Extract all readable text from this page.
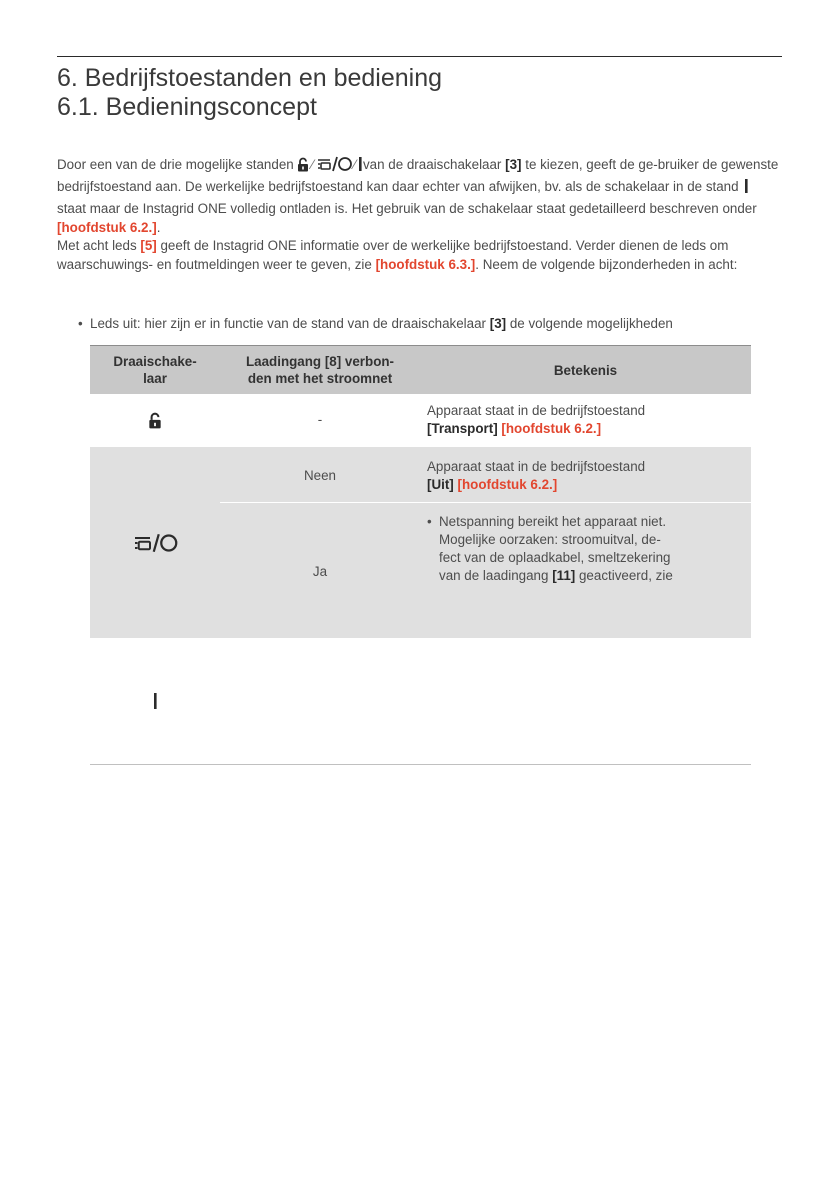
6. Bedrijfstoestanden en bediening
6.1. Bedieningsconcept

Door een van de drie mogelijke standen ⁄	⁄ van de draaischakelaar [3] te kiezen, geeft de ge-bruiker de gewenste bedrijfstoestand aan. De werkelijke bedrijfstoestand kan daar echter van afwijken, bv. als de schakelaar in de stand  staat maar de Instagrid ONE volledig ontladen is. Het gebruik van de schakelaar staat gedetailleerd beschreven onder [hoofdstuk 6.2.].

Met acht leds [5] geeft de Instagrid ONE informatie over de werkelijke bedrijfstoestand. Verder dienen de leds om waarschuwings- en foutmeldingen weer te geven, zie [hoofdstuk 6.3.]. Neem de volgende bijzonderheden in acht:

• Leds uit: hier zijn er in functie van de stand van de draaischakelaar [3] de volgende mogelijkheden
Draaischake-laar
Laadingang [8] verbon-den met het stroomnet
Betekenis
-
Apparaat staat in de bedrijfstoestand
[Transport] [hoofdstuk 6.2.]
Neen
Apparaat staat in de bedrijfstoestand
[Uit] [hoofdstuk 6.2.]
Ja
• Netspanning bereikt het apparaat niet.
Mogelijke oorzaken: stroomuitval, de-
fect van de oplaadkabel, smeltzekering
van de laadingang [11] geactiveerd, zie
